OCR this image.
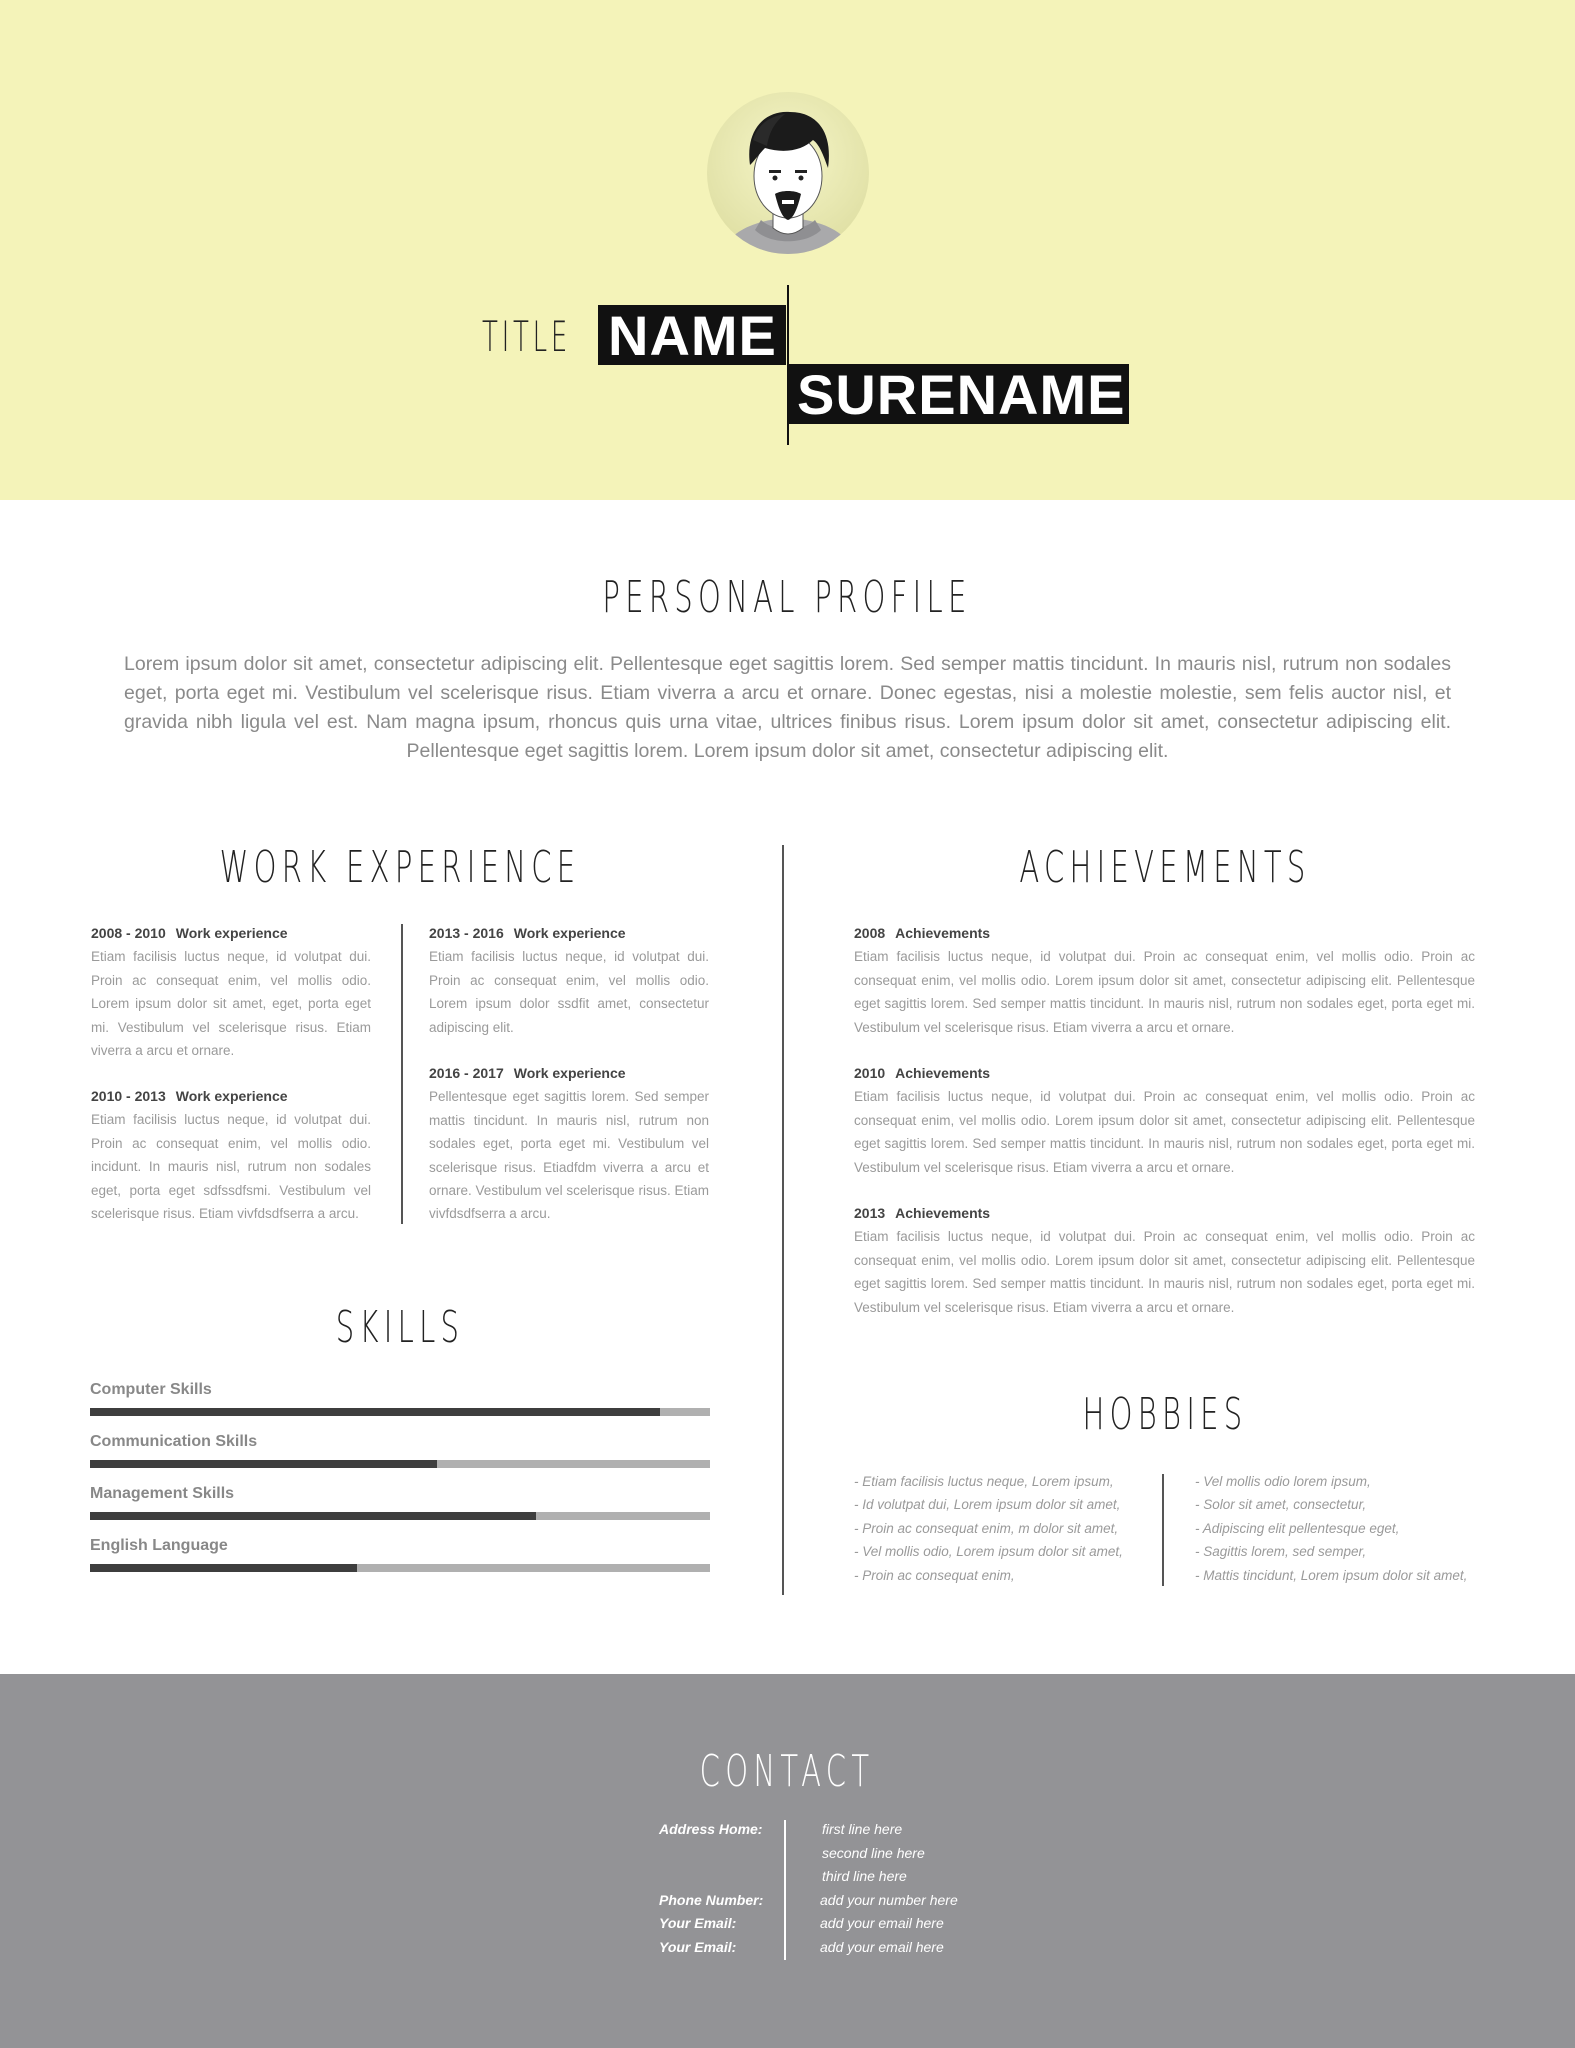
TITLE NAME
SURENAME
PERSONAL PROFILE

Lorem ipsum dolor sit amet, consectetur adipiscing elit. Pellentesque eget sagittis lorem. Sed semper mattis tincidunt. In mauris nisl, rutrum non sodales eget, porta eget mi. Vestibulum vel scelerisque risus. Etiam viverra a arcu et ornare. Donec egestas, nisi a molestie molestie, sem felis auctor nisl, et gravida nibh ligula vel est. Nam magna ipsum, rhoncus quis urna vitae, ultrices finibus risus. Lorem ipsum dolor sit amet, consectetur adipiscing elit. Pellentesque eget sagittis lorem. Lorem ipsum dolor sit amet, consectetur adipiscing elit.

WORK EXPERIENCE
2008 - 2010 Work experience
Etiam facilisis luctus neque, id volutpat dui. Proin ac consequat enim, vel mollis odio. Lorem ipsum dolor sit amet, eget, porta eget mi. Vestibulum vel scelerisque risus. Etiam viverra a arcu et ornare.
2010 - 2013 Work experience
Etiam facilisis luctus neque, id volutpat dui. Proin ac consequat enim, vel mollis odio. incidunt. In mauris nisl, rutrum non sodales eget, porta eget sdfssdfsmi. Vestibulum vel scelerisque risus. Etiam vivfdsdfserra a arcu.
2013 - 2016 Work experience
Etiam facilisis luctus neque, id volutpat dui. Proin ac consequat enim, vel mollis odio. Lorem ipsum dolor ssdfit amet, consectetur adipiscing elit.
2016 - 2017 Work experience
Pellentesque eget sagittis lorem. Sed semper mattis tincidunt. In mauris nisl, rutrum non sodales eget, porta eget mi. Vestibulum vel scelerisque risus. Etiadfdm viverra a arcu et ornare. Vestibulum vel scelerisque risus. Etiam vivfdsdfserra a arcu.
SKILLS
Computer Skills
Communication Skills
Management Skills
English Language
ACHIEVEMENTS
2008 Achievements
Etiam facilisis luctus neque, id volutpat dui. Proin ac consequat enim, vel mollis odio. Proin ac consequat enim, vel mollis odio. Lorem ipsum dolor sit amet, consectetur adipiscing elit. Pellentesque eget sagittis lorem. Sed semper mattis tincidunt. In mauris nisl, rutrum non sodales eget, porta eget mi. Vestibulum vel scelerisque risus. Etiam viverra a arcu et ornare.
2010 Achievements
Etiam facilisis luctus neque, id volutpat dui. Proin ac consequat enim, vel mollis odio. Proin ac consequat enim, vel mollis odio. Lorem ipsum dolor sit amet, consectetur adipiscing elit. Pellentesque eget sagittis lorem. Sed semper mattis tincidunt. In mauris nisl, rutrum non sodales eget, porta eget mi. Vestibulum vel scelerisque risus. Etiam viverra a arcu et ornare.
2013 Achievements
Etiam facilisis luctus neque, id volutpat dui. Proin ac consequat enim, vel mollis odio. Proin ac consequat enim, vel mollis odio. Lorem ipsum dolor sit amet, consectetur adipiscing elit. Pellentesque eget sagittis lorem. Sed semper mattis tincidunt. In mauris nisl, rutrum non sodales eget, porta eget mi. Vestibulum vel scelerisque risus. Etiam viverra a arcu et ornare.
HOBBIES
- Etiam facilisis luctus neque, Lorem ipsum,
- Id volutpat dui, Lorem ipsum dolor sit amet,
- Proin ac consequat enim, m dolor sit amet,
- Vel mollis odio, Lorem ipsum dolor sit amet,
- Proin ac consequat enim,
- Vel mollis odio lorem ipsum,
- Solor sit amet, consectetur,
- Adipiscing elit pellentesque eget,
- Sagittis lorem, sed semper,
- Mattis tincidunt, Lorem ipsum dolor sit amet,
CONTACT
Address Home:	first line here
second line here
third line here
Phone Number:	add your number here
Your Email:	add your email here
Your Email:	add your email here
